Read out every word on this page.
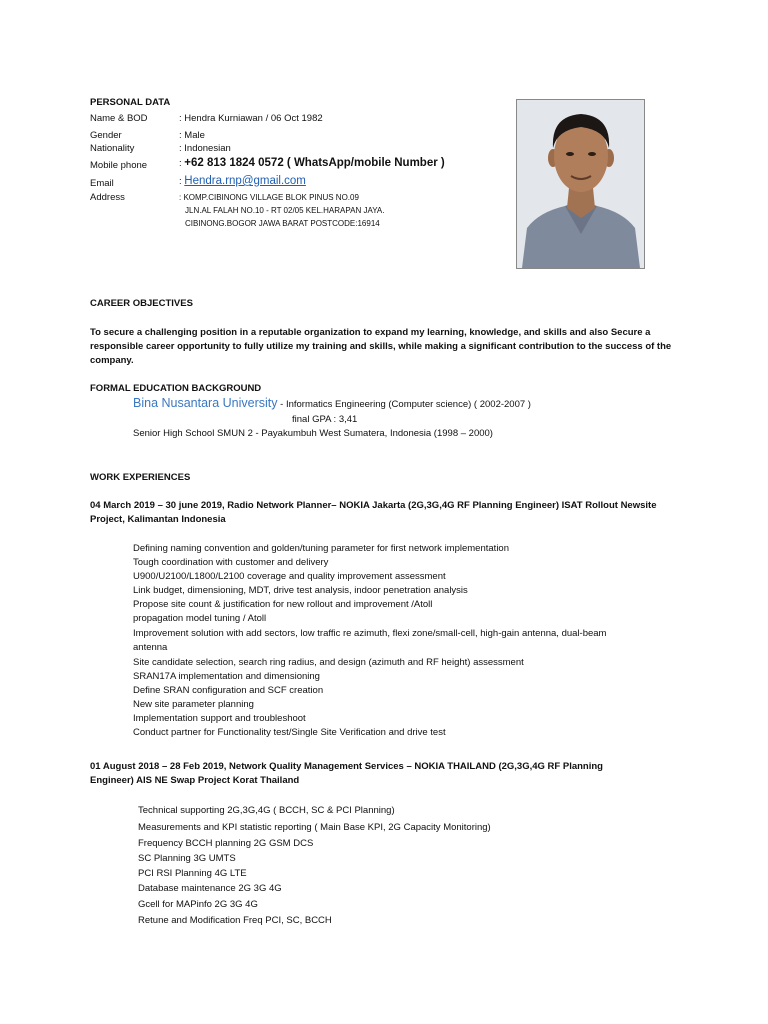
PERSONAL DATA
Name & BOD	: Hendra Kurniawan / 06 Oct 1982
Gender	: Male
Nationality	: Indonesian
Mobile phone	: +62 813 1824 0572 ( WhatsApp/mobile Number )
Email	: Hendra.rnp@gmail.com
Address	: KOMP.CIBINONG VILLAGE BLOK PINUS NO.09
JLN.AL FALAH NO.10 - RT 02/05 KEL.HARAPAN JAYA.
CIBINONG.BOGOR JAWA BARAT POSTCODE:16914
CAREER OBJECTIVES
To secure a challenging position in a reputable organization to expand my learning, knowledge, and skills and also Secure a responsible career opportunity to fully utilize my training and skills, while making a significant contribution to the success of the company.
FORMAL EDUCATION BACKGROUND
Bina Nusantara University - Informatics Engineering (Computer science) ( 2002-2007 )
final GPA : 3,41
Senior High School SMUN 2 - Payakumbuh West Sumatera, Indonesia (1998 – 2000)
WORK EXPERIENCES
04 March 2019 – 30 june 2019, Radio Network Planner– NOKIA Jakarta (2G,3G,4G RF Planning Engineer) ISAT Rollout Newsite
Project, Kalimantan Indonesia
Defining naming convention and golden/tuning parameter for first network implementation
Tough coordination with customer and delivery
U900/U2100/L1800/L2100 coverage and quality improvement assessment
Link budget, dimensioning, MDT, drive test analysis, indoor penetration analysis
Propose site count & justification for new rollout and improvement /Atoll
propagation model tuning / Atoll
Improvement solution with add sectors, low traffic re azimuth, flexi zone/small-cell, high-gain antenna, dual-beam
antenna
Site candidate selection, search ring radius, and design (azimuth and RF height) assessment
SRAN17A implementation and dimensioning
Define SRAN configuration and SCF creation
New site parameter planning
Implementation support and troubleshoot
Conduct partner for Functionality test/Single Site Verification and drive test
01 August 2018 – 28 Feb 2019, Network Quality Management Services – NOKIA THAILAND (2G,3G,4G RF Planning
Engineer) AIS NE Swap Project Korat Thailand
Technical supporting 2G,3G,4G ( BCCH, SC & PCI Planning)
Measurements and KPI statistic reporting ( Main Base KPI, 2G Capacity Monitoring)
Frequency BCCH planning 2G GSM DCS
SC Planning 3G UMTS
PCI RSI Planning 4G LTE
Database maintenance 2G 3G 4G
Gcell for MAPinfo 2G 3G 4G
Retune and Modification Freq PCI, SC, BCCH
